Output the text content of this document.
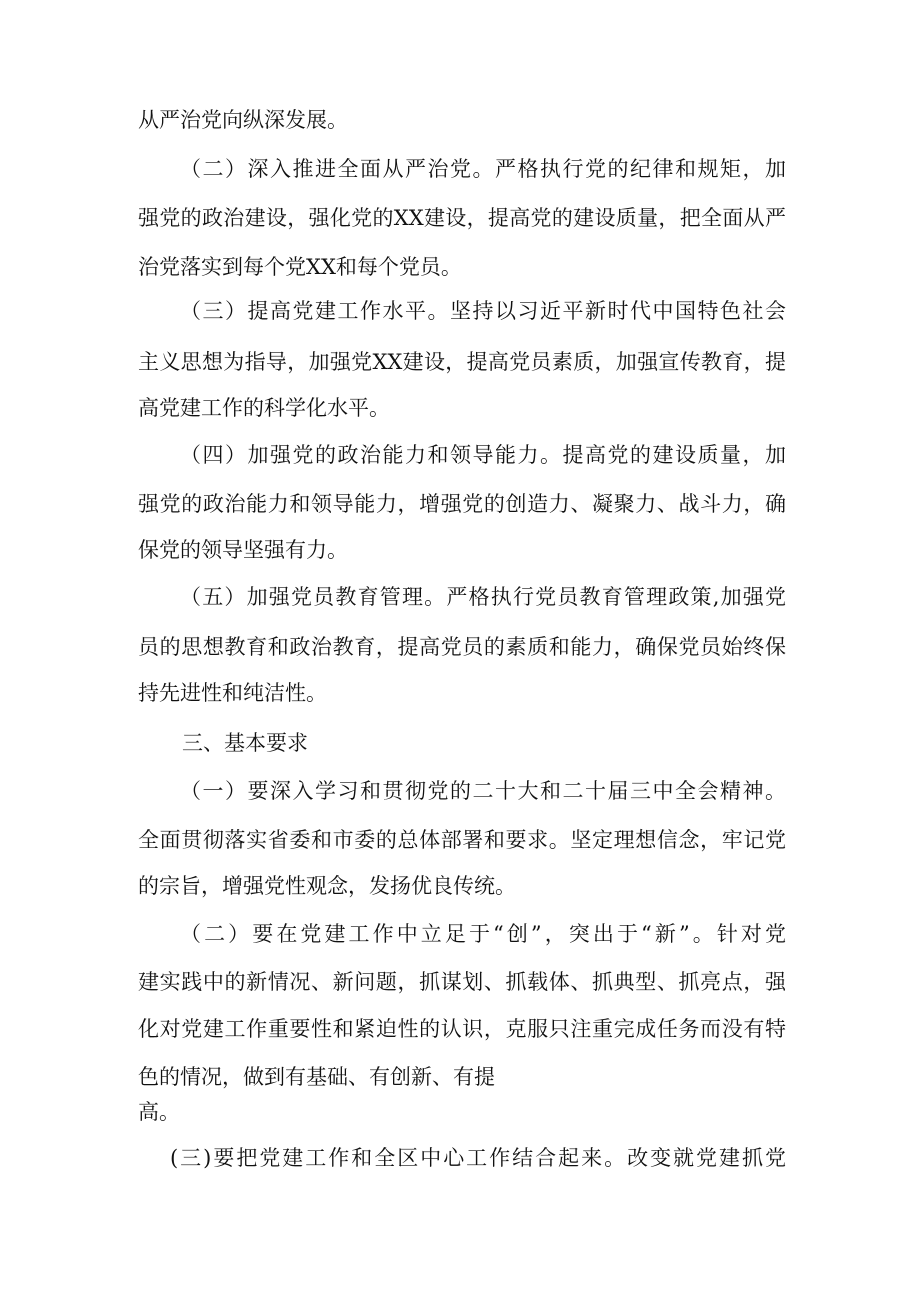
从严治党向纵深发展。

（二）深入推进全面从严治党。严格执行党的纪律和规矩，加

强党的政治建设，强化党的XX建设，提高党的建设质量，把全面从严

治党落实到每个党XX和每个党员。

（三）提高党建工作水平。坚持以习近平新时代中国特色社会

主义思想为指导，加强党XX建设，提高党员素质，加强宣传教育，提

高党建工作的科学化水平。

（四）加强党的政治能力和领导能力。提高党的建设质量，加

强党的政治能力和领导能力，增强党的创造力、凝聚力、战斗力，确

保党的领导坚强有力。

（五）加强党员教育管理。严格执行党员教育管理政策,加强党

员的思想教育和政治教育，提高党员的素质和能力，确保党员始终保

持先进性和纯洁性。

三、基本要求

（一）要深入学习和贯彻党的二十大和二十届三中全会精神。

全面贯彻落实省委和市委的总体部署和要求。坚定理想信念，牢记党

的宗旨，增强党性观念，发扬优良传统。

（二）要在党建工作中立足于“创”，突出于“新”。针对党

建实践中的新情况、新问题，抓谋划、抓载体、抓典型、抓亮点，强

化对党建工作重要性和紧迫性的认识，克服只注重完成任务而没有特

色的情况，做到有基础、有创新、有提

高。

(三)要把党建工作和全区中心工作结合起来。改变就党建抓党
